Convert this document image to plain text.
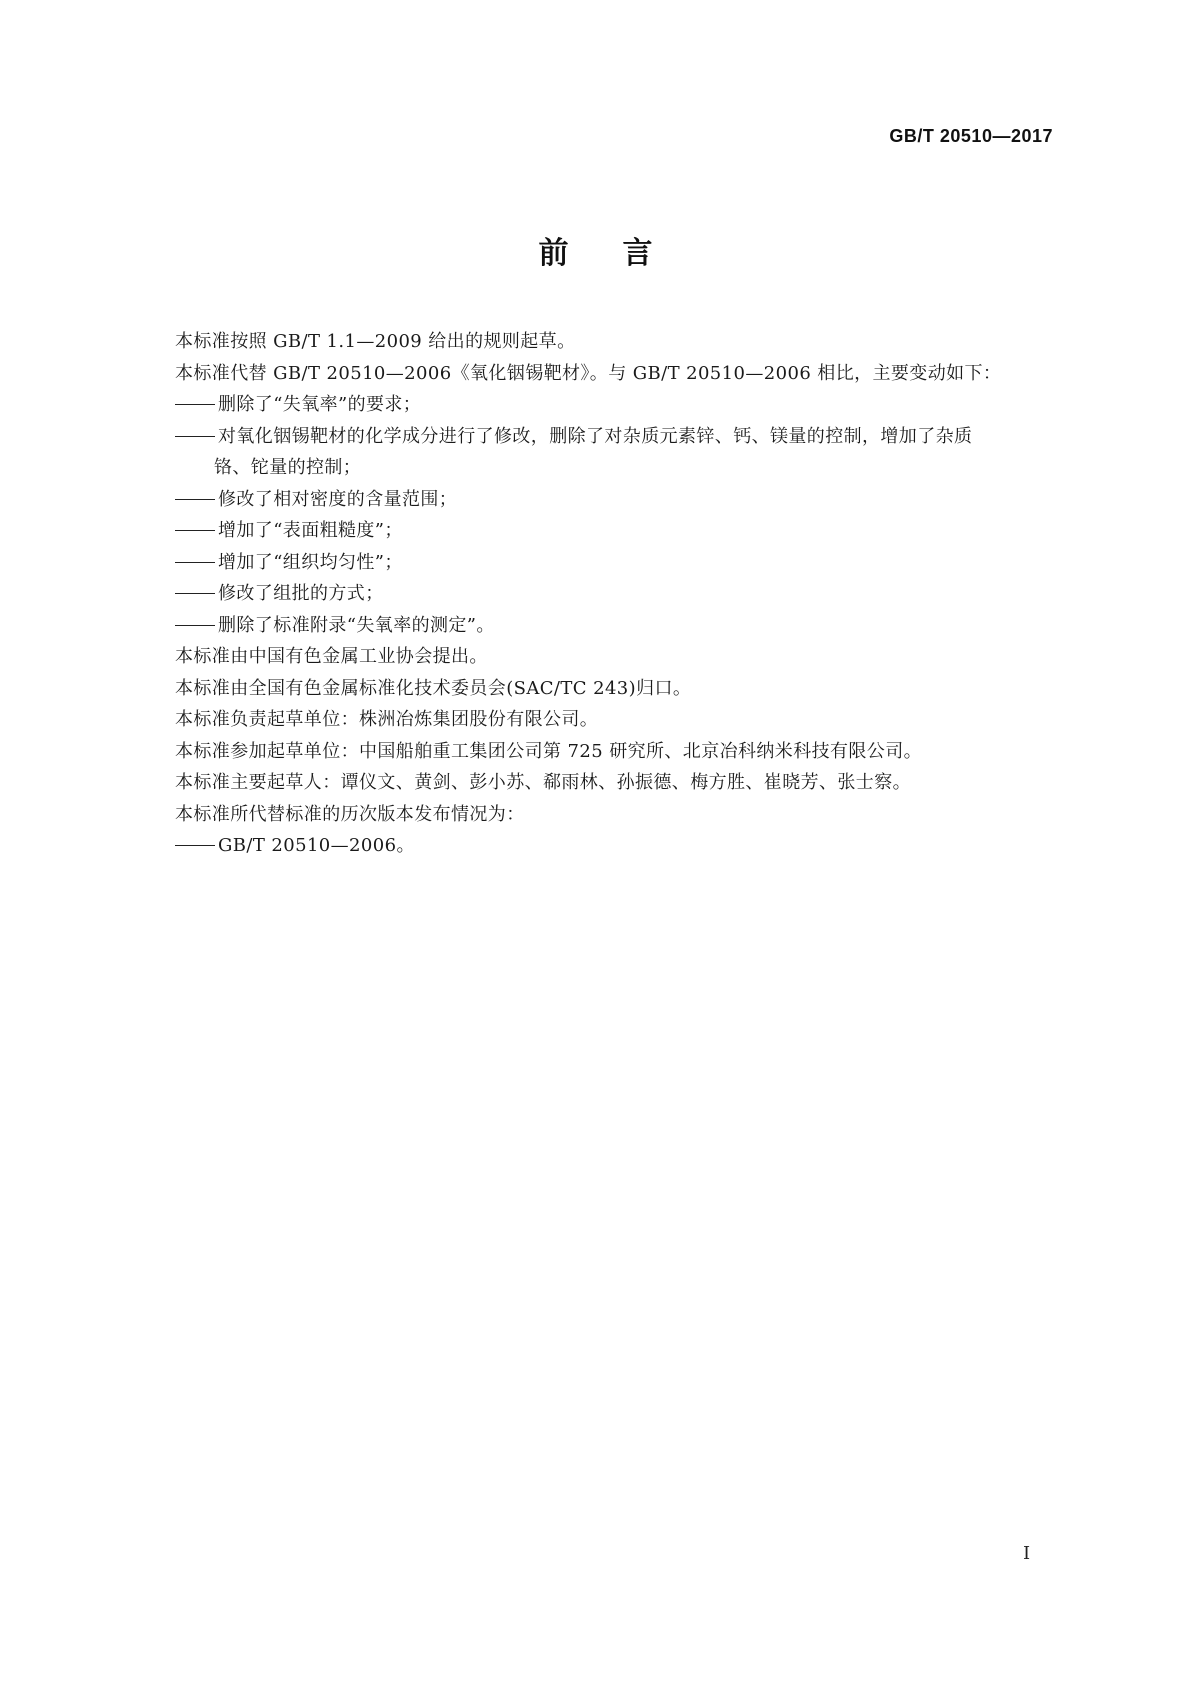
GB/T 20510—2017
前言

本标准按照 GB/T 1.1—2009 给出的规则起草。

本标准代替 GB/T 20510—2006《氧化铟锡靶材》。与 GB/T 20510—2006 相比，主要变动如下：

删除了“失氧率”的要求；
对氧化铟锡靶材的化学成分进行了修改，删除了对杂质元素锌、钙、镁量的控制，增加了杂质
铬、铊量的控制；
修改了相对密度的含量范围；
增加了“表面粗糙度”；
增加了“组织均匀性”；
修改了组批的方式；
删除了标准附录“失氧率的测定”。

本标准由中国有色金属工业协会提出。

本标准由全国有色金属标准化技术委员会(SAC/TC 243)归口。

本标准负责起草单位：株洲冶炼集团股份有限公司。

本标准参加起草单位：中国船舶重工集团公司第 725 研究所、北京冶科纳米科技有限公司。

本标准主要起草人：谭仪文、黄剑、彭小苏、郗雨林、孙振德、梅方胜、崔晓芳、张士察。

本标准所代替标准的历次版本发布情况为：

GB/T 20510—2006。
I
